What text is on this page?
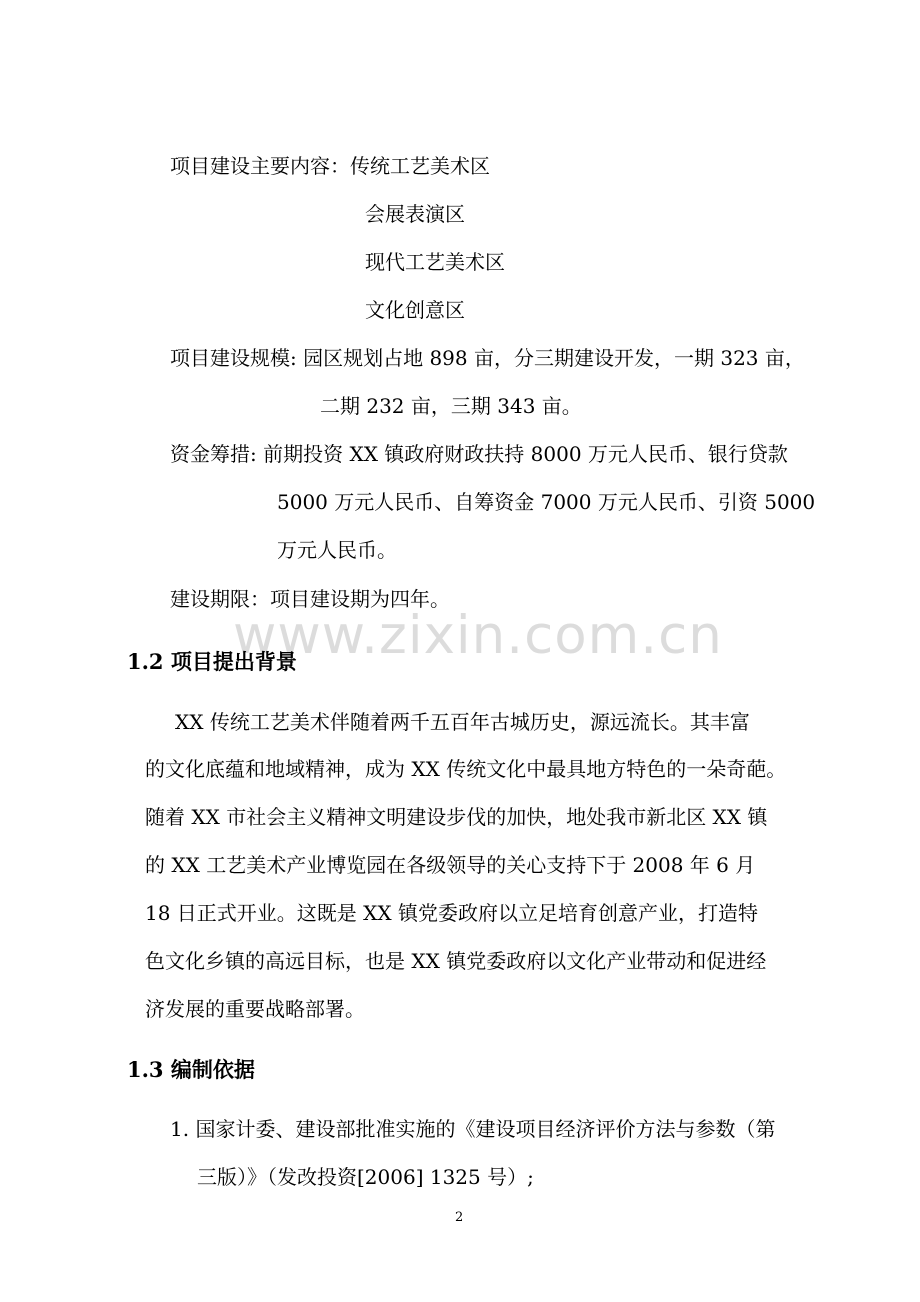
项目建设主要内容：传统工艺美术区

会展表演区

现代工艺美术区

文化创意区

项目建设规模: 园区规划占地 898 亩，分三期建设开发，一期 323 亩，

二期 232 亩，三期 343 亩。

资金筹措: 前期投资 XX 镇政府财政扶持 8000 万元人民币、银行贷款

5000 万元人民币、自筹资金 7000 万元人民币、引资 5000

万元人民币。

建设期限：项目建设期为四年。

www.zixin.com.cn
1.2 项目提出背景

XX 传统工艺美术伴随着两千五百年古城历史，源远流长。其丰富

的文化底蕴和地域精神，成为 XX 传统文化中最具地方特色的一朵奇葩。

随着 XX 市社会主义精神文明建设步伐的加快，地处我市新北区 XX 镇

的 XX 工艺美术产业博览园在各级领导的关心支持下于 2008 年 6 月

18 日正式开业。这既是 XX 镇党委政府以立足培育创意产业，打造特

色文化乡镇的高远目标，也是 XX 镇党委政府以文化产业带动和促进经

济发展的重要战略部署。

1.3 编制依据

1. 国家计委、建设部批准实施的《建设项目经济评价方法与参数（第

三版）》（发改投资[2006] 1325 号）;

2
